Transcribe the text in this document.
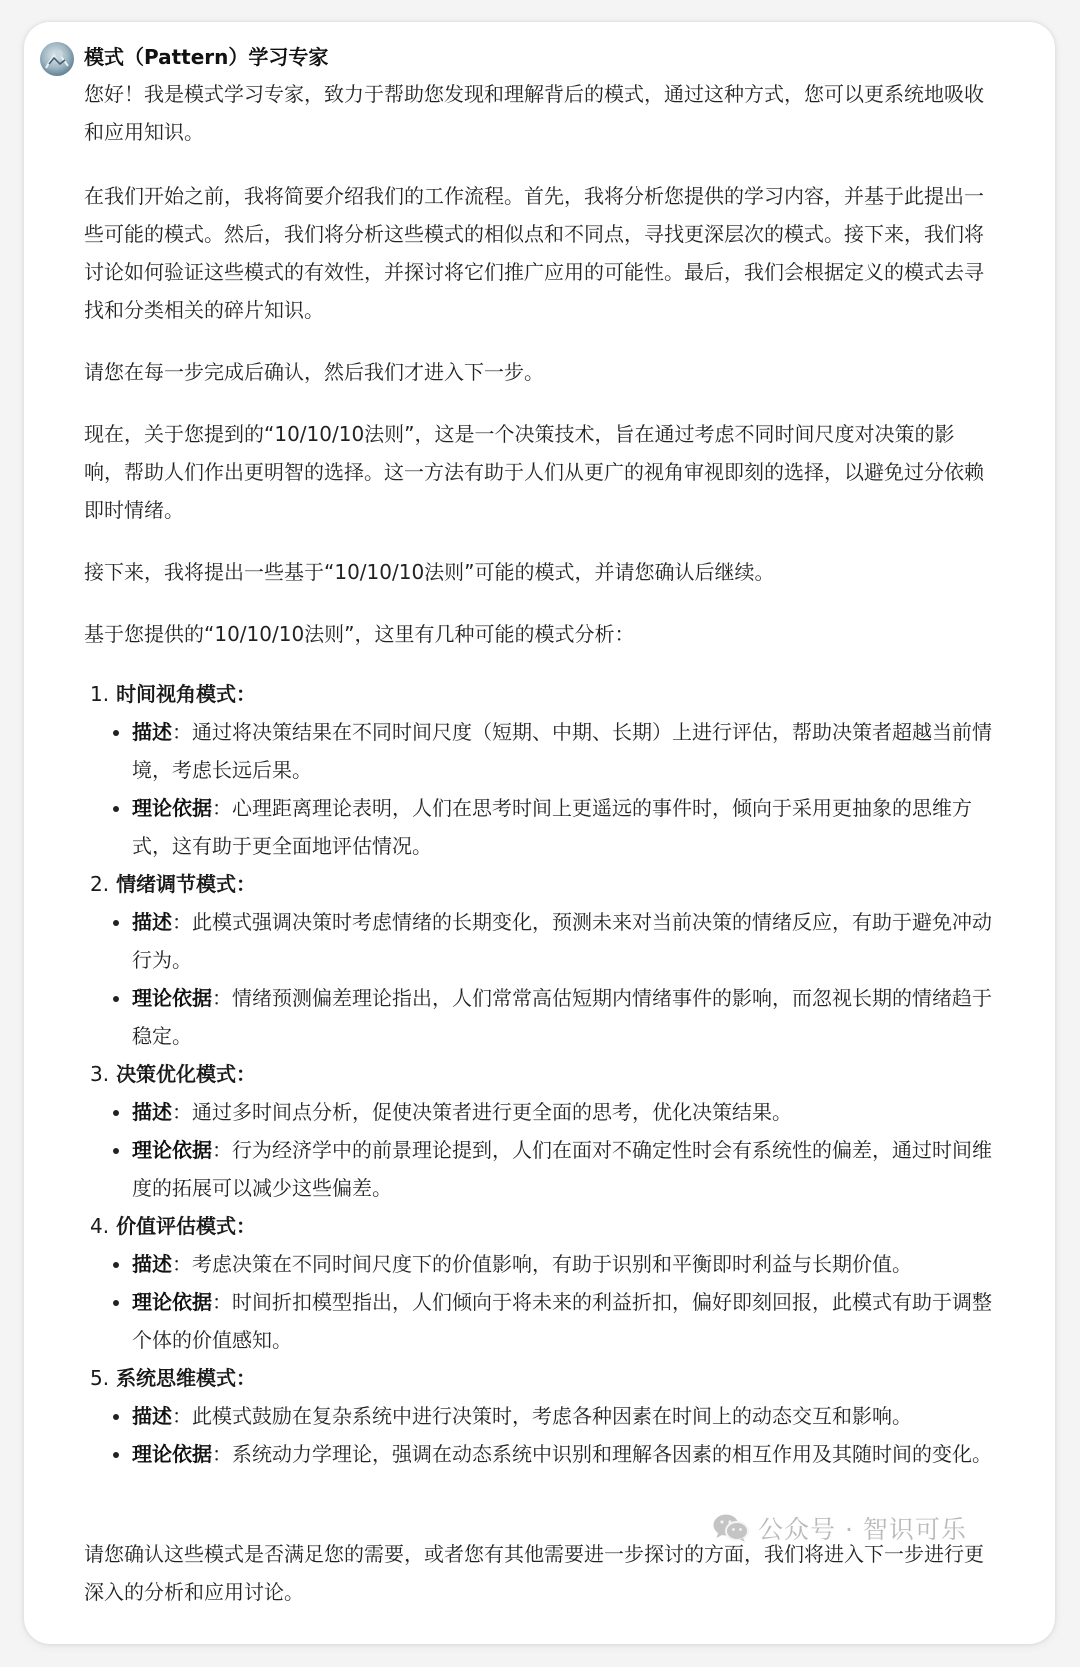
模式（Pattern）学习专家

您好！我是模式学习专家，致力于帮助您发现和理解背后的模式，通过这种方式，您可以更系统地吸收和应用知识。

在我们开始之前，我将简要介绍我们的工作流程。首先，我将分析您提供的学习内容，并基于此提出一些可能的模式。然后，我们将分析这些模式的相似点和不同点，寻找更深层次的模式。接下来，我们将讨论如何验证这些模式的有效性，并探讨将它们推广应用的可能性。最后，我们会根据定义的模式去寻找和分类相关的碎片知识。

请您在每一步完成后确认，然后我们才进入下一步。

现在，关于您提到的“10/10/10法则”，这是一个决策技术，旨在通过考虑不同时间尺度对决策的影响，帮助人们作出更明智的选择。这一方法有助于人们从更广的视角审视即刻的选择，以避免过分依赖即时情绪。

接下来，我将提出一些基于“10/10/10法则”可能的模式，并请您确认后继续。

基于您提供的“10/10/10法则”，这里有几种可能的模式分析：

1. 时间视角模式：
描述：通过将决策结果在不同时间尺度（短期、中期、长期）上进行评估，帮助决策者超越当前情境，考虑长远后果。
理论依据：心理距离理论表明，人们在思考时间上更遥远的事件时，倾向于采用更抽象的思维方式，这有助于更全面地评估情况。
2. 情绪调节模式：
描述：此模式强调决策时考虑情绪的长期变化，预测未来对当前决策的情绪反应，有助于避免冲动行为。
理论依据：情绪预测偏差理论指出，人们常常高估短期内情绪事件的影响，而忽视长期的情绪趋于稳定。
3. 决策优化模式：
描述：通过多时间点分析，促使决策者进行更全面的思考，优化决策结果。
理论依据：行为经济学中的前景理论提到，人们在面对不确定性时会有系统性的偏差，通过时间维度的拓展可以减少这些偏差。
4. 价值评估模式：
描述：考虑决策在不同时间尺度下的价值影响，有助于识别和平衡即时利益与长期价值。
理论依据：时间折扣模型指出，人们倾向于将未来的利益折扣，偏好即刻回报，此模式有助于调整个体的价值感知。
5. 系统思维模式：
描述：此模式鼓励在复杂系统中进行决策时，考虑各种因素在时间上的动态交互和影响。
理论依据：系统动力学理论，强调在动态系统中识别和理解各因素的相互作用及其随时间的变化。

请您确认这些模式是否满足您的需要，或者您有其他需要进一步探讨的方面，我们将进入下一步进行更深入的分析和应用讨论。

公众号 · 智识可乐
